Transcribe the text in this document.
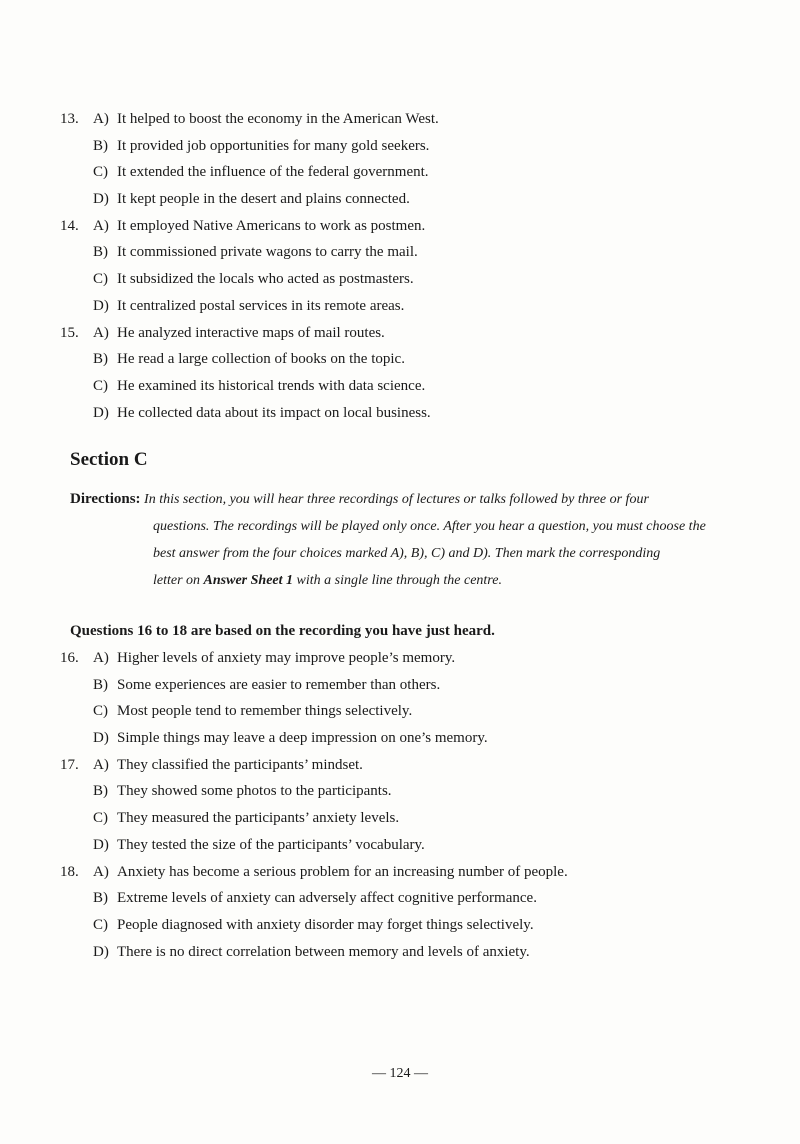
13. A) It helped to boost the economy in the American West.
B) It provided job opportunities for many gold seekers.
C) It extended the influence of the federal government.
D) It kept people in the desert and plains connected.
14. A) It employed Native Americans to work as postmen.
B) It commissioned private wagons to carry the mail.
C) It subsidized the locals who acted as postmasters.
D) It centralized postal services in its remote areas.
15. A) He analyzed interactive maps of mail routes.
B) He read a large collection of books on the topic.
C) He examined its historical trends with data science.
D) He collected data about its impact on local business.
Section C
Directions: In this section, you will hear three recordings of lectures or talks followed by three or four
questions. The recordings will be played only once. After you hear a question, you must choose the
best answer from the four choices marked A), B), C) and D). Then mark the corresponding
letter on Answer Sheet 1 with a single line through the centre.
Questions 16 to 18 are based on the recording you have just heard.
16. A) Higher levels of anxiety may improve people’s memory.
B) Some experiences are easier to remember than others.
C) Most people tend to remember things selectively.
D) Simple things may leave a deep impression on one’s memory.
17. A) They classified the participants’ mindset.
B) They showed some photos to the participants.
C) They measured the participants’ anxiety levels.
D) They tested the size of the participants’ vocabulary.
18. A) Anxiety has become a serious problem for an increasing number of people.
B) Extreme levels of anxiety can adversely affect cognitive performance.
C) People diagnosed with anxiety disorder may forget things selectively.
D) There is no direct correlation between memory and levels of anxiety.
— 124 —
